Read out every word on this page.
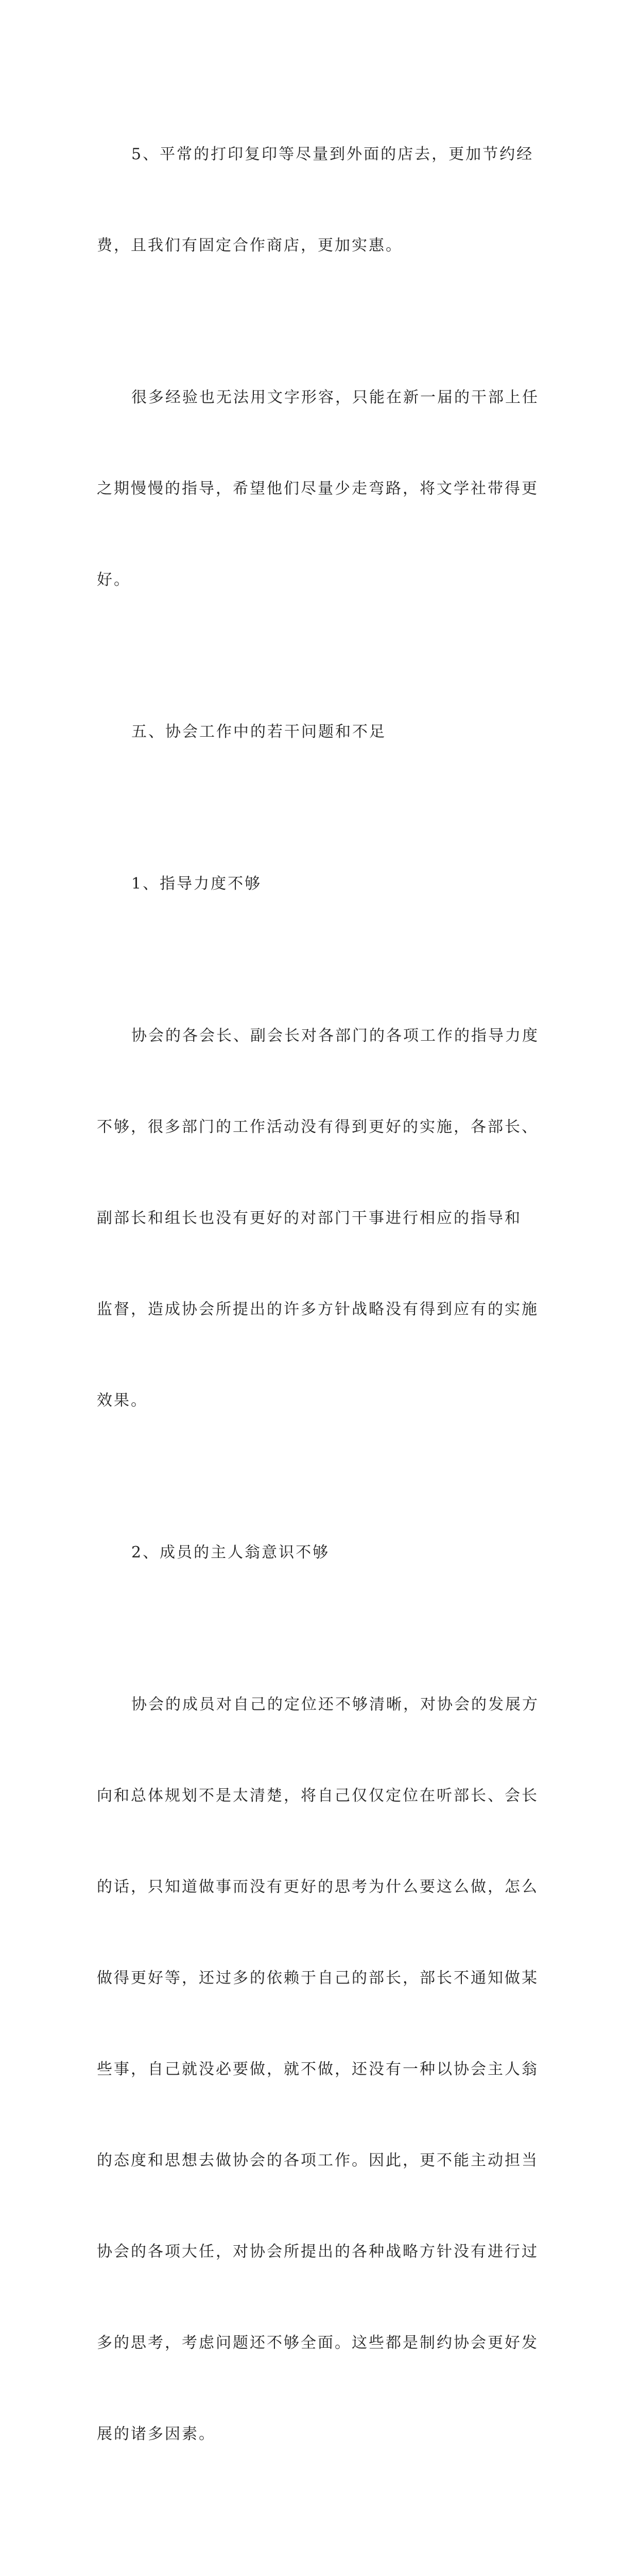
5、平常的打印复印等尽量到外面的店去，更加节约经

费，且我们有固定合作商店，更加实惠。

很多经验也无法用文字形容，只能在新一届的干部上任

之期慢慢的指导，希望他们尽量少走弯路，将文学社带得更

好。

五、协会工作中的若干问题和不足

1、指导力度不够

协会的各会长、副会长对各部门的各项工作的指导力度

不够，很多部门的工作活动没有得到更好的实施，各部长、

副部长和组长也没有更好的对部门干事进行相应的指导和

监督，造成协会所提出的许多方针战略没有得到应有的实施

效果。

2、成员的主人翁意识不够

协会的成员对自己的定位还不够清晰，对协会的发展方

向和总体规划不是太清楚，将自己仅仅定位在听部长、会长

的话，只知道做事而没有更好的思考为什么要这么做，怎么

做得更好等，还过多的依赖于自己的部长，部长不通知做某

些事，自己就没必要做，就不做，还没有一种以协会主人翁

的态度和思想去做协会的各项工作。因此，更不能主动担当

协会的各项大任，对协会所提出的各种战略方针没有进行过

多的思考，考虑问题还不够全面。这些都是制约协会更好发

展的诸多因素。
